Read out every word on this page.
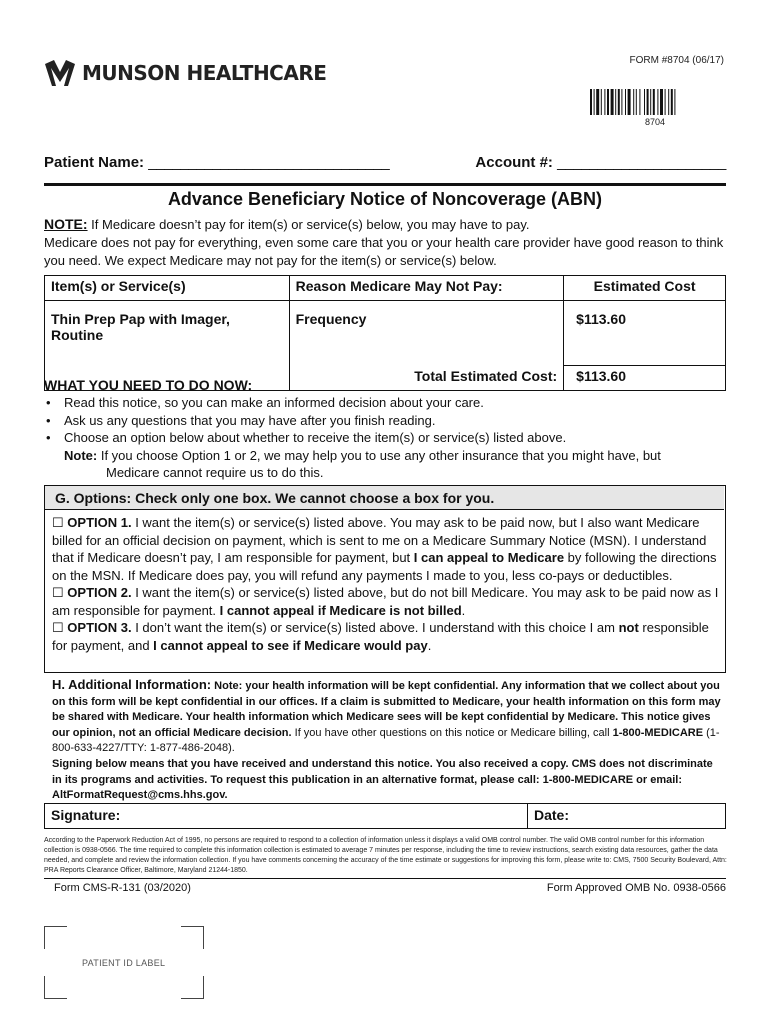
MUNSON HEALTHCARE
FORM #8704 (06/17)
8704
Patient Name: ______________________________	Account #: _____________________
Advance Beneficiary Notice of Noncoverage (ABN)
NOTE: If Medicare doesn’t pay for item(s) or service(s) below, you may have to pay.
Medicare does not pay for everything, even some care that you or your health care provider have good reason to think you need. We expect Medicare may not pay for the item(s) or service(s) below.
Item(s) or Service(s)	Reason Medicare May Not Pay:	Estimated Cost
Thin Prep Pap with Imager, Routine	Frequency	$113.60
	Total Estimated Cost:	$113.60
WHAT YOU NEED TO DO NOW:
• Read this notice, so you can make an informed decision about your care.
• Ask us any questions that you may have after you finish reading.
• Choose an option below about whether to receive the item(s) or service(s) listed above.
Note: If you choose Option 1 or 2, we may help you to use any other insurance that you might have, but
Medicare cannot require us to do this.
G. Options: Check only one box. We cannot choose a box for you.
☐ OPTION 1. I want the item(s) or service(s) listed above. You may ask to be paid now, but I also want Medicare billed for an official decision on payment, which is sent to me on a Medicare Summary Notice (MSN). I understand that if Medicare doesn’t pay, I am responsible for payment, but I can appeal to Medicare by following the directions on the MSN. If Medicare does pay, you will refund any payments I made to you, less co-pays or deductibles.
☐ OPTION 2. I want the item(s) or service(s) listed above, but do not bill Medicare. You may ask to be paid now as I am responsible for payment. I cannot appeal if Medicare is not billed.
☐ OPTION 3. I don’t want the item(s) or service(s) listed above. I understand with this choice I am not responsible for payment, and I cannot appeal to see if Medicare would pay.
H. Additional Information: Note: your health information will be kept confidential. Any information that we collect about you on this form will be kept confidential in our offices. If a claim is submitted to Medicare, your health information on this form may be shared with Medicare. Your health information which Medicare sees will be kept confidential by Medicare. This notice gives our opinion, not an official Medicare decision. If you have other questions on this notice or Medicare billing, call 1-800-MEDICARE (1-800-633-4227/TTY: 1-877-486-2048).
Signing below means that you have received and understand this notice. You also received a copy. CMS does not discriminate in its programs and activities. To request this publication in an alternative format, please call: 1-800-MEDICARE or email: AltFormatRequest@cms.hhs.gov.
Signature:	Date:
According to the Paperwork Reduction Act of 1995, no persons are required to respond to a collection of information unless it displays a valid OMB control number. The valid OMB control number for this information collection is 0938-0566. The time required to complete this information collection is estimated to average 7 minutes per response, including the time to review instructions, search existing data resources, gather the data needed, and complete and review the information collection. If you have comments concerning the accuracy of the time estimate or suggestions for improving this form, please write to: CMS, 7500 Security Boulevard, Attn: PRA Reports Clearance Officer, Baltimore, Maryland 21244-1850.
Form CMS-R-131 (03/2020)	Form Approved OMB No. 0938-0566
PATIENT ID LABEL
